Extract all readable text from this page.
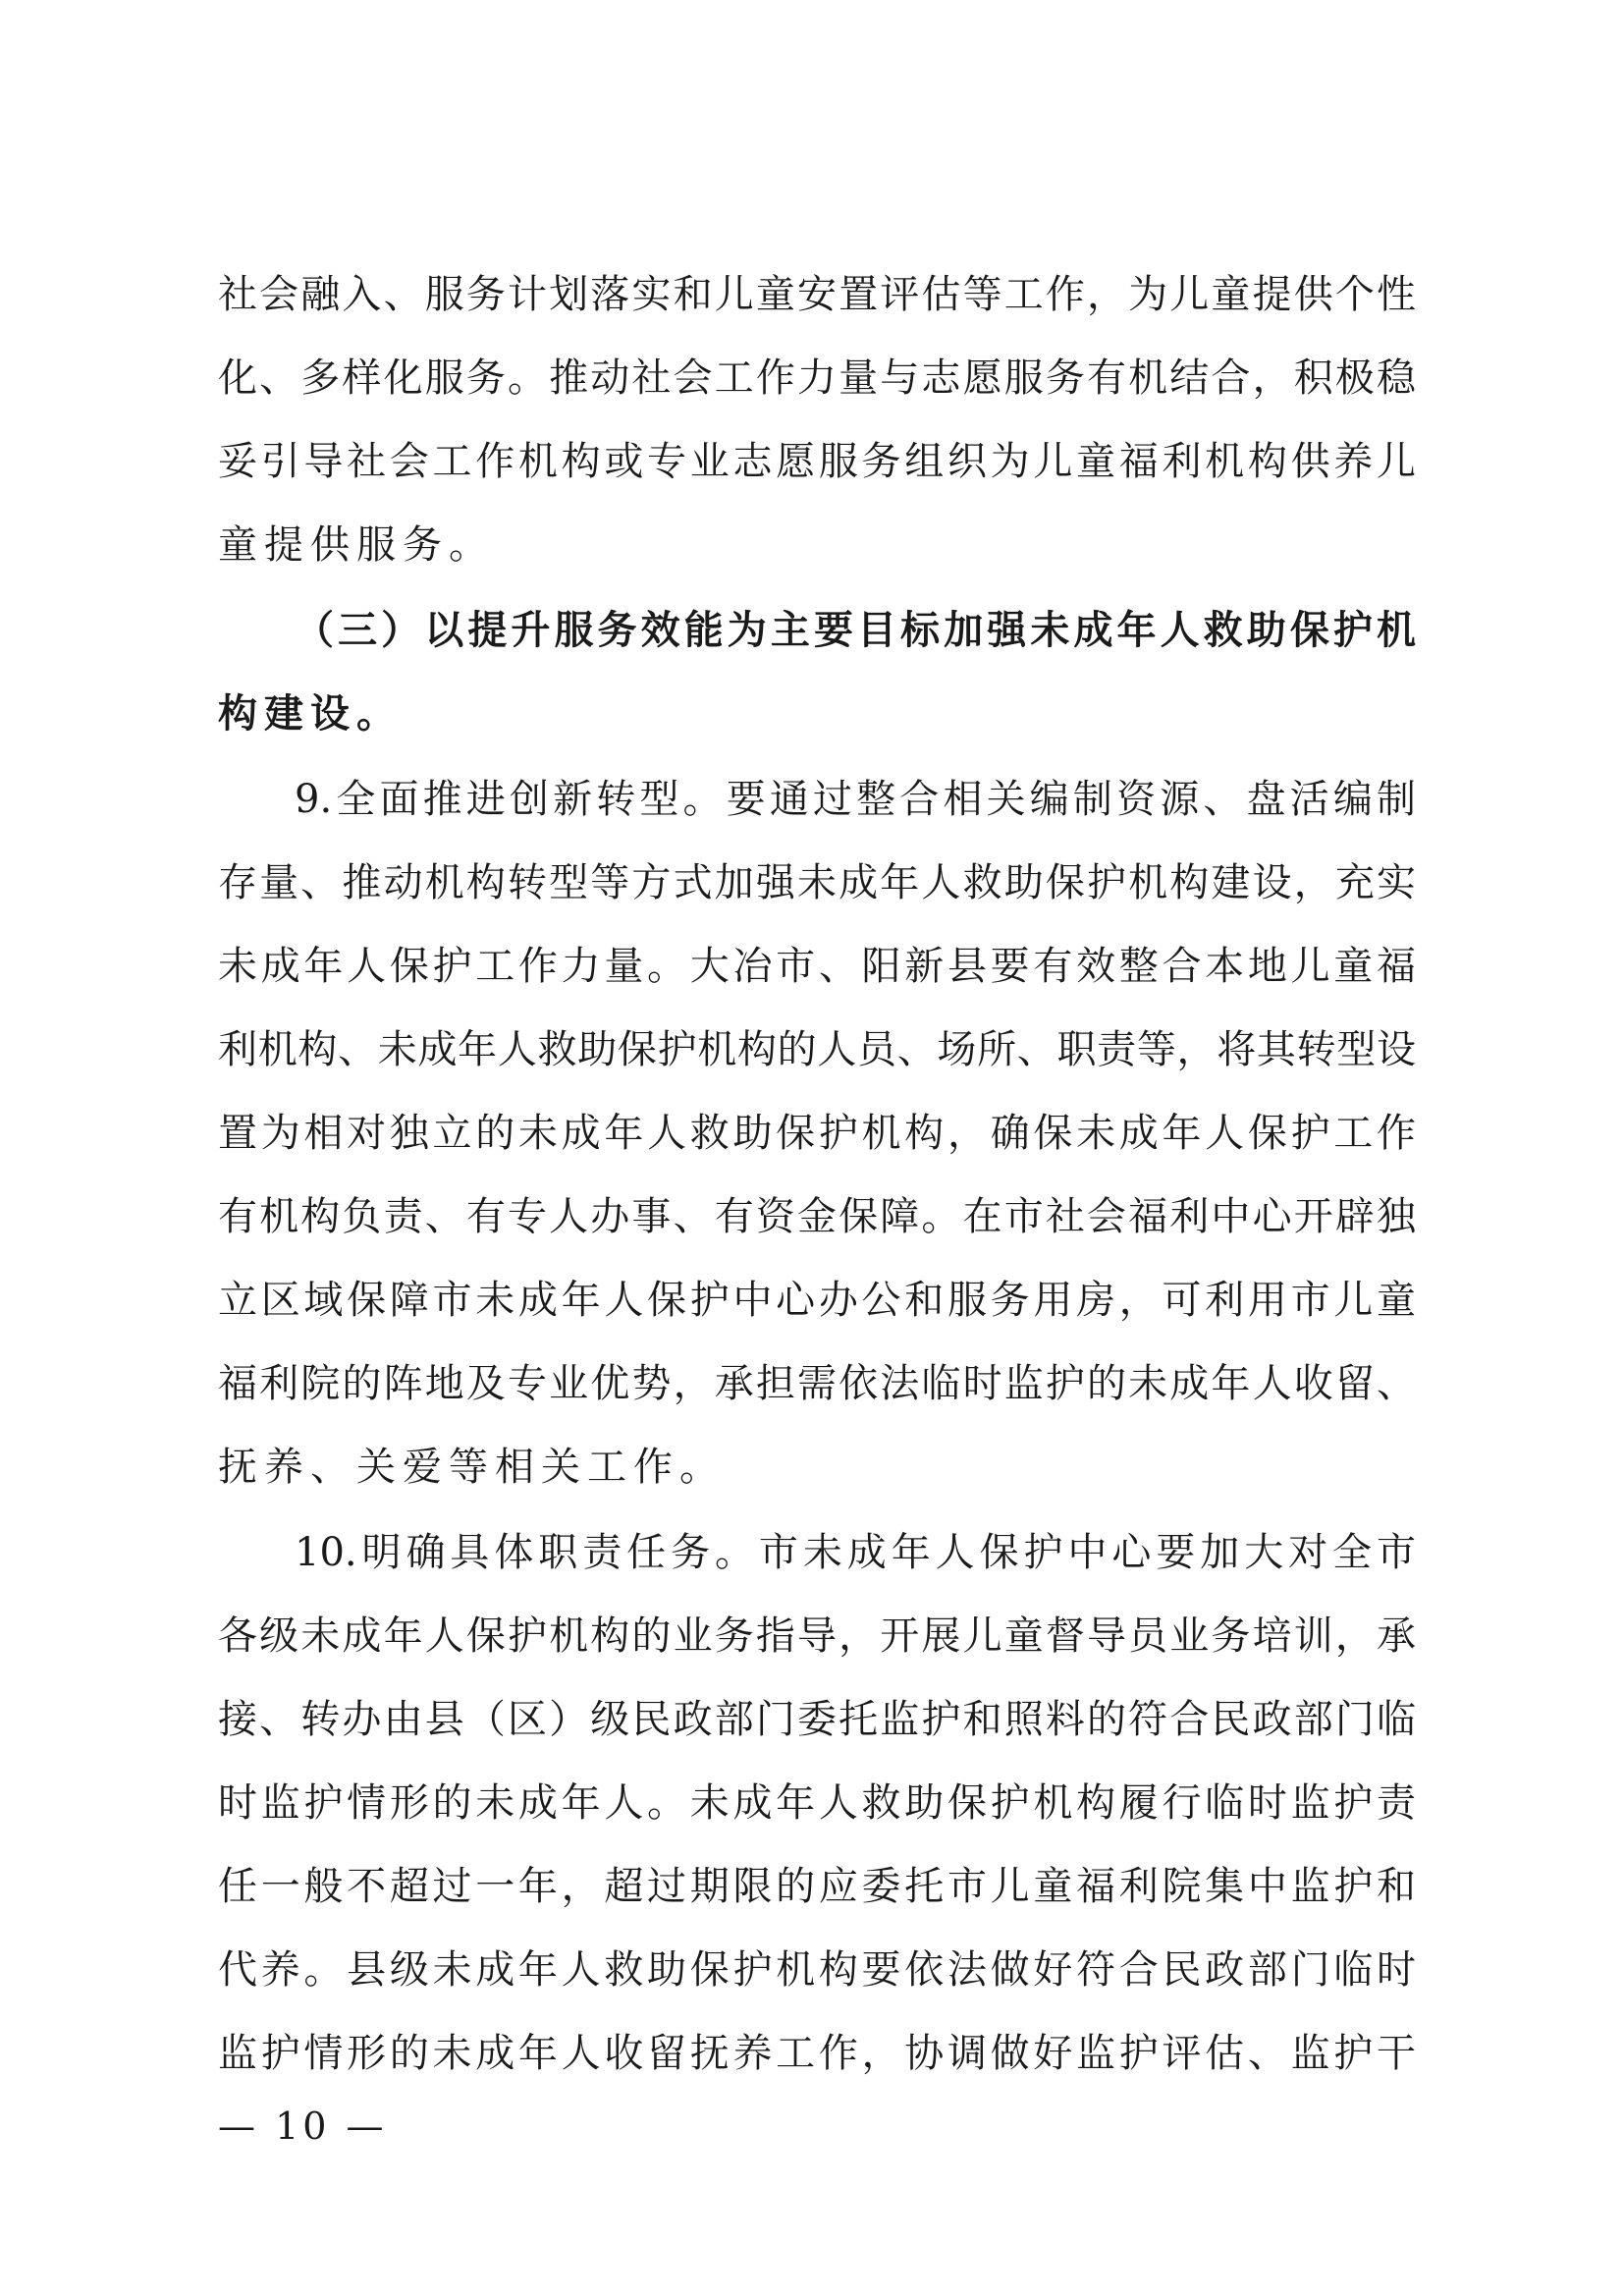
社会融入、服务计划落实和儿童安置评估等工作，为儿童提供个性
化、多样化服务。推动社会工作力量与志愿服务有机结合，积极稳
妥引导社会工作机构或专业志愿服务组织为儿童福利机构供养儿
童提供服务。
（三）以提升服务效能为主要目标加强未成年人救助保护机
构建设。
9.全面推进创新转型。要通过整合相关编制资源、盘活编制
存量、推动机构转型等方式加强未成年人救助保护机构建设，充实
未成年人保护工作力量。大冶市、阳新县要有效整合本地儿童福
利机构、未成年人救助保护机构的人员、场所、职责等，将其转型设
置为相对独立的未成年人救助保护机构，确保未成年人保护工作
有机构负责、有专人办事、有资金保障。在市社会福利中心开辟独
立区域保障市未成年人保护中心办公和服务用房，可利用市儿童
福利院的阵地及专业优势，承担需依法临时监护的未成年人收留、
抚养、关爱等相关工作。
10.明确具体职责任务。市未成年人保护中心要加大对全市
各级未成年人保护机构的业务指导，开展儿童督导员业务培训，承
接、转办由县（区）级民政部门委托监护和照料的符合民政部门临
时监护情形的未成年人。未成年人救助保护机构履行临时监护责
任一般不超过一年，超过期限的应委托市儿童福利院集中监护和
代养。县级未成年人救助保护机构要依法做好符合民政部门临时
监护情形的未成年人收留抚养工作，协调做好监护评估、监护干
— 10 —
